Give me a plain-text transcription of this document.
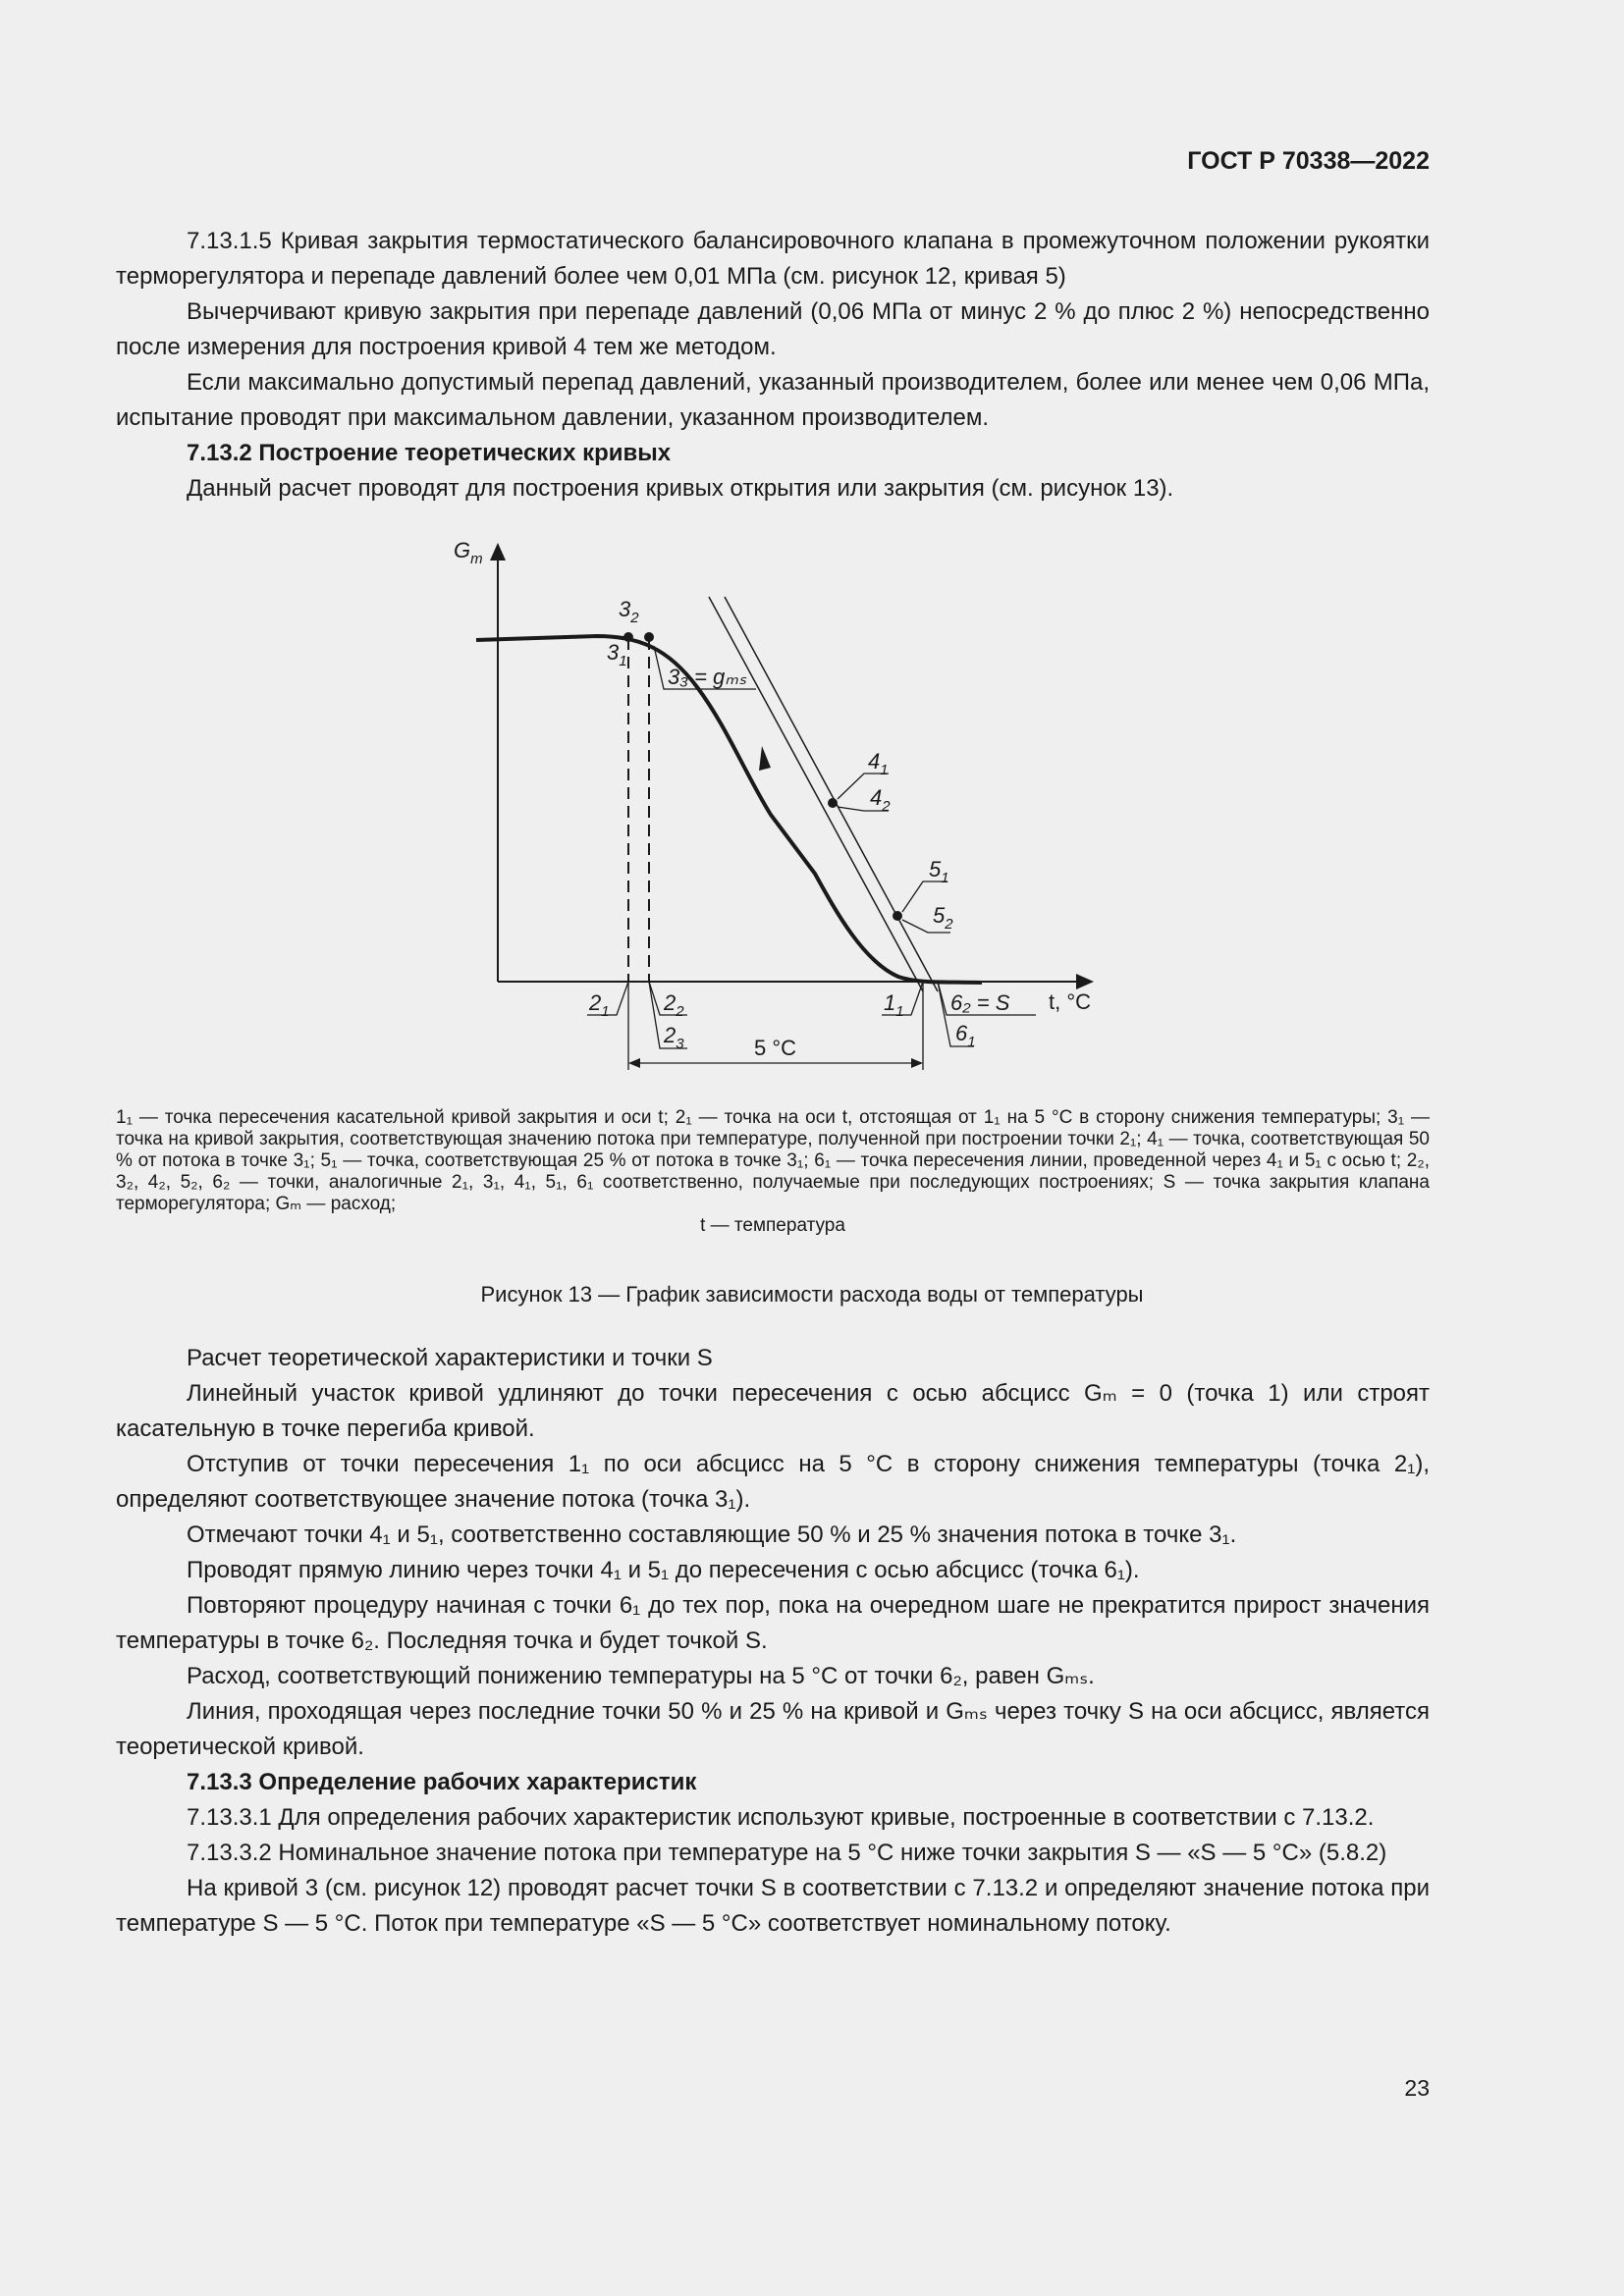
ГОСТ Р 70338—2022

7.13.1.5 Кривая закрытия термостатического балансировочного клапана в промежуточном положении рукоятки терморегулятора и перепаде давлений более чем 0,01 МПа (см. рисунок 12, кривая 5)

Вычерчивают кривую закрытия при перепаде давлений (0,06 МПа от минус 2 % до плюс 2 %) непосредственно после измерения для построения кривой 4 тем же методом.

Если максимально допустимый перепад давлений, указанный производителем, более или менее чем 0,06 МПа, испытание проводят при максимальном давлении, указанном производителем.

7.13.2 Построение теоретических кривых

Данный расчет проводят для построения кривых открытия или закрытия (см. рисунок 13).

$G_m$
t, °C
$3_2$
$3_1$
3₃ = gₘₛ
$4_1$
$4_2$
$5_1$
$5_2$
$2_1$	$2_2$
$2_3$
$1_1$ 6₂ = S
$6_1$
5 °C
1₁ — точка пересечения касательной кривой закрытия и оси t; 2₁ — точка на оси t, отстоящая от 1₁ на 5 °С в сторону снижения температуры; 3₁ — точка на кривой закрытия, соответствующая значению потока при температуре, полученной при построении точки 2₁; 4₁ — точка, соответствующая 50 % от потока в точке 3₁; 5₁ — точка, соответствующая 25 % от потока в точке 3₁; 6₁ — точка пересечения линии, проведенной через 4₁ и 5₁ с осью t; 2₂, 3₂, 4₂, 5₂, 6₂ — точки, аналогичные 2₁, 3₁, 4₁, 5₁, 6₁ соответственно, получаемые при последующих построениях; S — точка закрытия клапана терморегулятора; Gₘ — расход;
t — температура
Рисунок 13 — График зависимости расхода воды от температуры

Расчет теоретической характеристики и точки S

Линейный участок кривой удлиняют до точки пересечения с осью абсцисс Gₘ = 0 (точка 1) или строят касательную в точке перегиба кривой.

Отступив от точки пересечения 1₁ по оси абсцисс на 5 °C в сторону снижения температуры (точка 2₁), определяют соответствующее значение потока (точка 3₁).

Отмечают точки 4₁ и 5₁, соответственно составляющие 50 % и 25 % значения потока в точке 3₁.

Проводят прямую линию через точки 4₁ и 5₁ до пересечения с осью абсцисс (точка 6₁).

Повторяют процедуру начиная с точки 6₁ до тех пор, пока на очередном шаге не прекратится прирост значения температуры в точке 6₂. Последняя точка и будет точкой S.

Расход, соответствующий понижению температуры на 5 °C от точки 6₂, равен Gₘₛ.

Линия, проходящая через последние точки 50 % и 25 % на кривой и Gₘₛ через точку S на оси абсцисс, является теоретической кривой.

7.13.3 Определение рабочих характеристик

7.13.3.1 Для определения рабочих характеристик используют кривые, построенные в соответствии с 7.13.2.

7.13.3.2 Номинальное значение потока при температуре на 5 °C ниже точки закрытия S — «S — 5 °C» (5.8.2)

На кривой 3 (см. рисунок 12) проводят расчет точки S в соответствии с 7.13.2 и определяют значение потока при температуре S — 5 °C. Поток при температуре «S — 5 °C» соответствует номинальному потоку.

23
